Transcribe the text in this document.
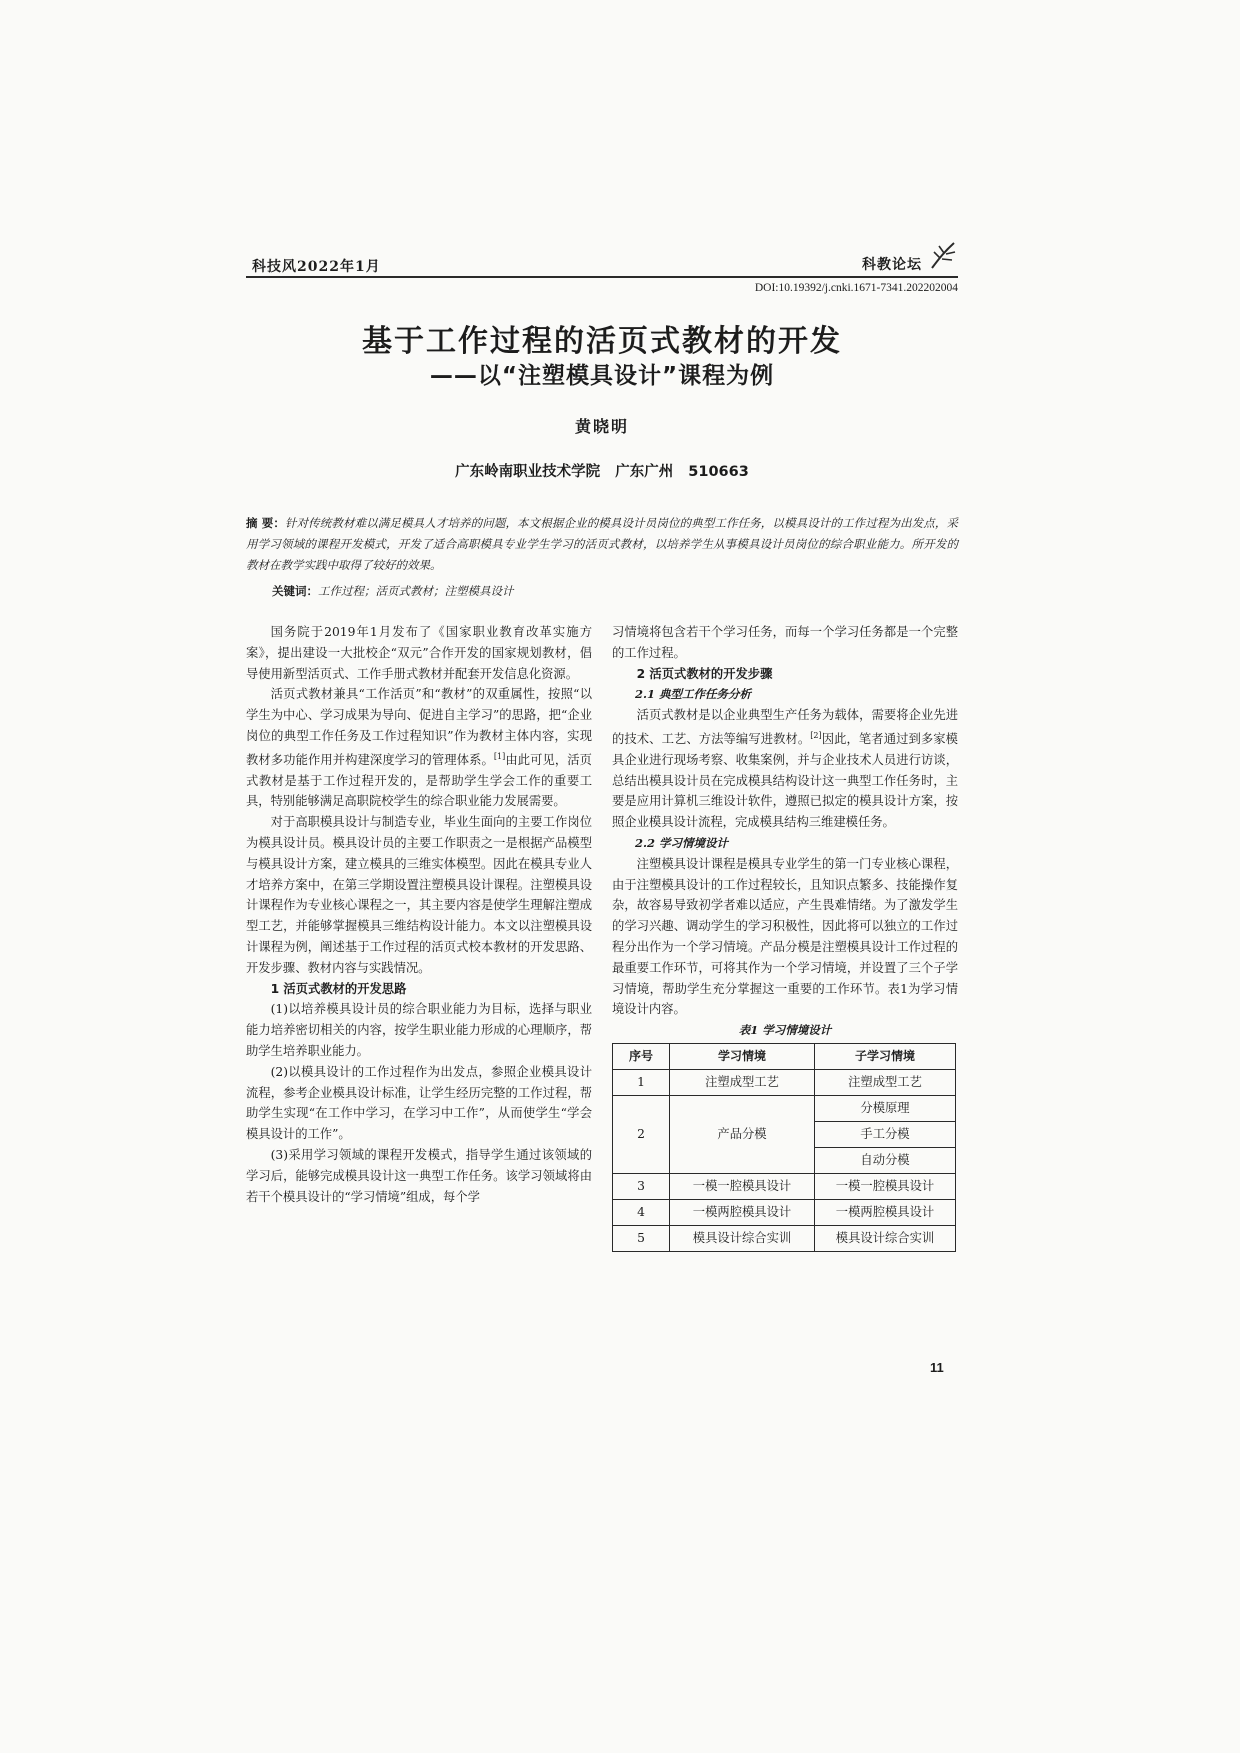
科技风2022年1月	科教论坛
DOI:10.19392/j.cnki.1671-7341.202202004
基于工作过程的活页式教材的开发
——以“注塑模具设计”课程为例
黄晓明
广东岭南职业技术学院 广东广州 510663
摘 要：针对传统教材难以满足模具人才培养的问题，本文根据企业的模具设计员岗位的典型工作任务，以模具设计的工作过程为出发点，采用学习领域的课程开发模式，开发了适合高职模具专业学生学习的活页式教材，以培养学生从事模具设计员岗位的综合职业能力。所开发的教材在教学实践中取得了较好的效果。
关键词：工作过程；活页式教材；注塑模具设计

国务院于2019年1月发布了《国家职业教育改革实施方案》，提出建设一大批校企“双元”合作开发的国家规划教材，倡导使用新型活页式、工作手册式教材并配套开发信息化资源。

活页式教材兼具“工作活页”和“教材”的双重属性，按照“以学生为中心、学习成果为导向、促进自主学习”的思路，把“企业岗位的典型工作任务及工作过程知识”作为教材主体内容，实现教材多功能作用并构建深度学习的管理体系。[1]由此可见，活页式教材是基于工作过程开发的，是帮助学生学会工作的重要工具，特别能够满足高职院校学生的综合职业能力发展需要。

对于高职模具设计与制造专业，毕业生面向的主要工作岗位为模具设计员。模具设计员的主要工作职责之一是根据产品模型与模具设计方案，建立模具的三维实体模型。因此在模具专业人才培养方案中，在第三学期设置注塑模具设计课程。注塑模具设计课程作为专业核心课程之一，其主要内容是使学生理解注塑成型工艺，并能够掌握模具三维结构设计能力。本文以注塑模具设计课程为例，阐述基于工作过程的活页式校本教材的开发思路、开发步骤、教材内容与实践情况。

1 活页式教材的开发思路

(1)以培养模具设计员的综合职业能力为目标，选择与职业能力培养密切相关的内容，按学生职业能力形成的心理顺序，帮助学生培养职业能力。

(2)以模具设计的工作过程作为出发点，参照企业模具设计流程，参考企业模具设计标准，让学生经历完整的工作过程，帮助学生实现“在工作中学习，在学习中工作”，从而使学生“学会模具设计的工作”。

(3)采用学习领域的课程开发模式，指导学生通过该领域的学习后，能够完成模具设计这一典型工作任务。该学习领域将由若干个模具设计的“学习情境”组成，每个学

习情境将包含若干个学习任务，而每一个学习任务都是一个完整的工作过程。

2 活页式教材的开发步骤
2.1 典型工作任务分析

活页式教材是以企业典型生产任务为载体，需要将企业先进的技术、工艺、方法等编写进教材。[2]因此，笔者通过到多家模具企业进行现场考察、收集案例，并与企业技术人员进行访谈，总结出模具设计员在完成模具结构设计这一典型工作任务时，主要是应用计算机三维设计软件，遵照已拟定的模具设计方案，按照企业模具设计流程，完成模具结构三维建模任务。

2.2 学习情境设计

注塑模具设计课程是模具专业学生的第一门专业核心课程，由于注塑模具设计的工作过程较长，且知识点繁多、技能操作复杂，故容易导致初学者难以适应，产生畏难情绪。为了激发学生的学习兴趣、调动学生的学习积极性，因此将可以独立的工作过程分出作为一个学习情境。产品分模是注塑模具设计工作过程的最重要工作环节，可将其作为一个学习情境，并设置了三个子学习情境，帮助学生充分掌握这一重要的工作环节。表1为学习情境设计内容。

表1 学习情境设计
序号	学习情境	子学习情境
1	注塑成型工艺	注塑成型工艺
2	产品分模	分模原理
		手工分模
		自动分模
3	一模一腔模具设计	一模一腔模具设计
4	一模两腔模具设计	一模两腔模具设计
5	模具设计综合实训	模具设计综合实训
11
